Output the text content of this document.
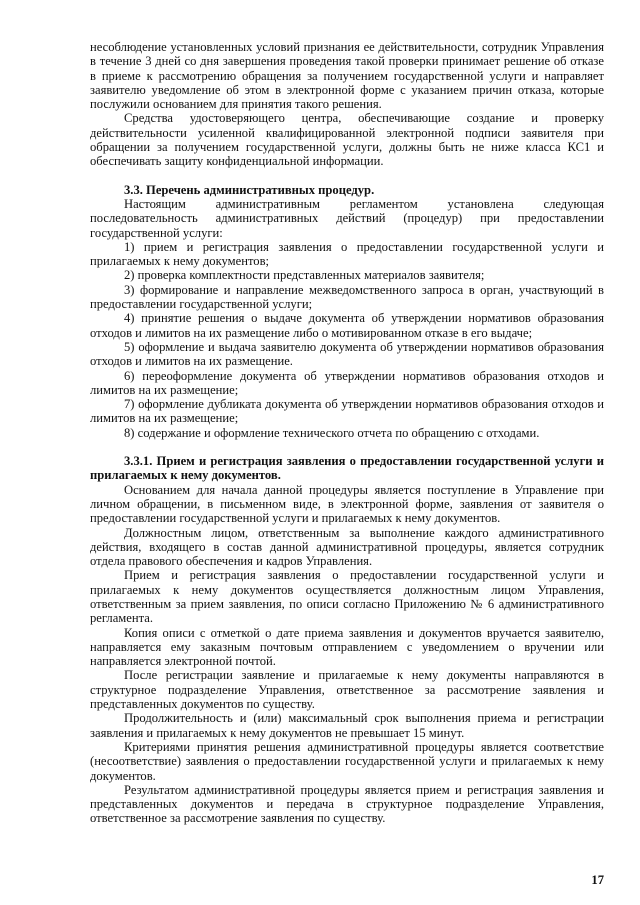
несоблюдение установленных условий признания ее действительности, сотрудник Управления в течение 3 дней со дня завершения проведения такой проверки принимает решение об отказе в приеме к рассмотрению обращения за получением государственной услуги и направляет заявителю уведомление об этом в электронной форме с указанием причин отказа, которые послужили основанием для принятия такого решения.

Средства удостоверяющего центра, обеспечивающие создание и проверку действительности усиленной квалифицированной электронной подписи заявителя при обращении за получением государственной услуги, должны быть не ниже класса КС1 и обеспечивать защиту конфиденциальной информации.

3.3. Перечень административных процедур.

Настоящим административным регламентом установлена следующая последовательность административных действий (процедур) при предоставлении государственной услуги:

1) прием и регистрация заявления о предоставлении государственной услуги и прилагаемых к нему документов;

2) проверка комплектности представленных материалов заявителя;

3) формирование и направление межведомственного запроса в орган, участвующий в предоставлении государственной услуги;

4) принятие решения о выдаче документа об утверждении нормативов образования отходов и лимитов на их размещение либо о мотивированном отказе в его выдаче;

5) оформление и выдача заявителю документа об утверждении нормативов образования отходов и лимитов на их размещение.

6) переоформление документа об утверждении нормативов образования отходов и лимитов на их размещение;

7) оформление дубликата документа об утверждении нормативов образования отходов и лимитов на их размещение;

8) содержание и оформление технического отчета по обращению с отходами.

3.3.1. Прием и регистрация заявления о предоставлении государственной услуги и прилагаемых к нему документов.

Основанием для начала данной процедуры является поступление в Управление при личном обращении, в письменном виде, в электронной форме, заявления от заявителя о предоставлении государственной услуги и прилагаемых к нему документов.

Должностным лицом, ответственным за выполнение каждого административного действия, входящего в состав данной административной процедуры, является сотрудник отдела правового обеспечения и кадров Управления.

Прием и регистрация заявления о предоставлении государственной услуги и прилагаемых к нему документов осуществляется должностным лицом Управления, ответственным за прием заявления, по описи согласно Приложению № 6 административного регламента.

Копия описи с отметкой о дате приема заявления и документов вручается заявителю, направляется ему заказным почтовым отправлением с уведомлением о вручении или направляется электронной почтой.

После регистрации заявление и прилагаемые к нему документы направляются в структурное подразделение Управления, ответственное за рассмотрение заявления и представленных документов по существу.

Продолжительность и (или) максимальный срок выполнения приема и регистрации заявления и прилагаемых к нему документов не превышает 15 минут.

Критериями принятия решения административной процедуры является соответствие (несоответствие) заявления о предоставлении государственной услуги и прилагаемых к нему документов.

Результатом административной процедуры является прием и регистрация заявления и представленных документов и передача в структурное подразделение Управления, ответственное за рассмотрение заявления по существу.

17
